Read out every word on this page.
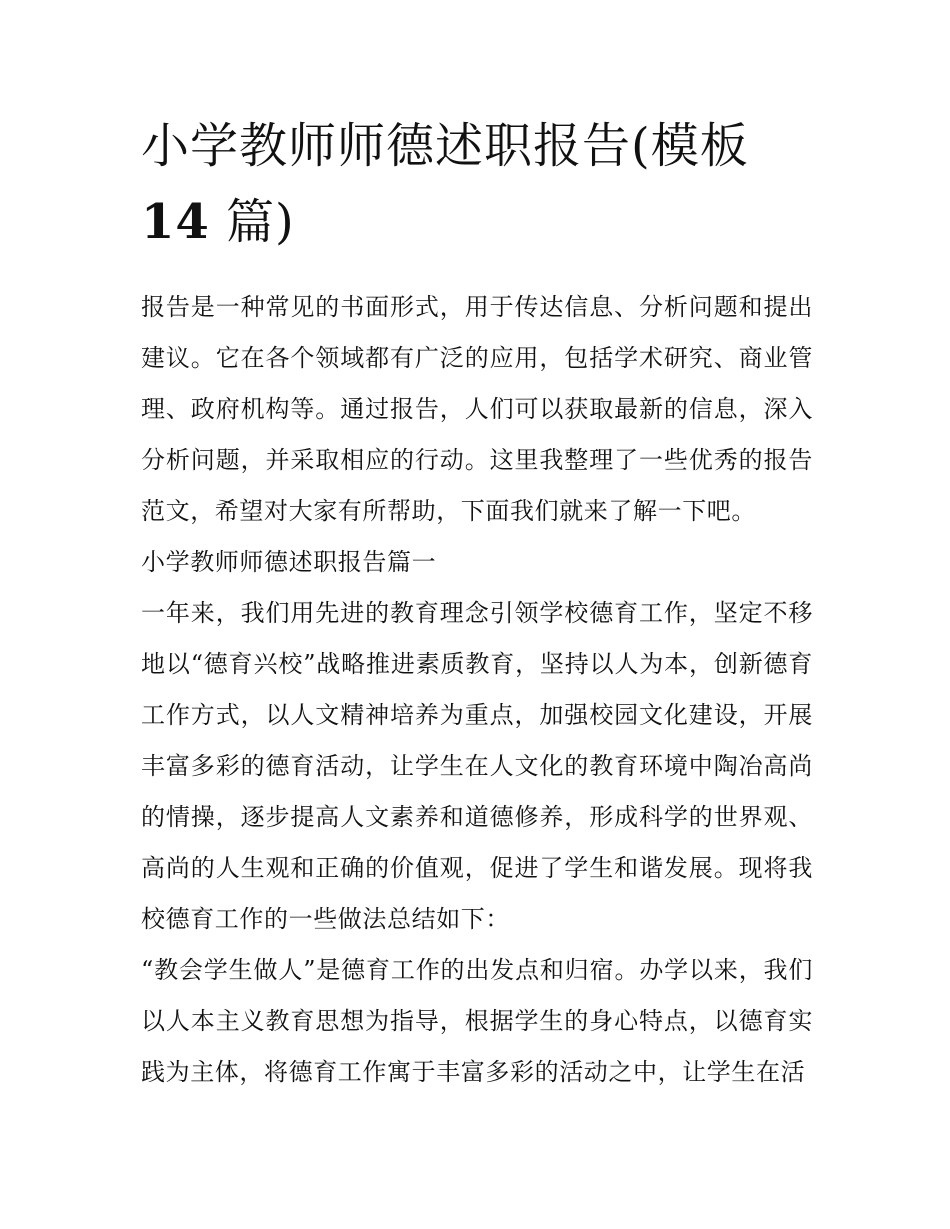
小学教师师德述职报告(模板
14 篇)

报告是一种常见的书面形式，用于传达信息、分析问题和提出建议。它在各个领域都有广泛的应用，包括学术研究、商业管理、政府机构等。通过报告，人们可以获取最新的信息，深入分析问题，并采取相应的行动。这里我整理了一些优秀的报告范文，希望对大家有所帮助，下面我们就来了解一下吧。

小学教师师德述职报告篇一

一年来，我们用先进的教育理念引领学校德育工作，坚定不移地以“德育兴校”战略推进素质教育，坚持以人为本，创新德育工作方式，以人文精神培养为重点，加强校园文化建设，开展丰富多彩的德育活动，让学生在人文化的教育环境中陶冶高尚的情操，逐步提高人文素养和道德修养，形成科学的世界观、高尚的人生观和正确的价值观，促进了学生和谐发展。现将我校德育工作的一些做法总结如下：

“教会学生做人”是德育工作的出发点和归宿。办学以来，我们以人本主义教育思想为指导，根据学生的身心特点，以德育实践为主体，将德育工作寓于丰富多彩的活动之中，让学生在活
